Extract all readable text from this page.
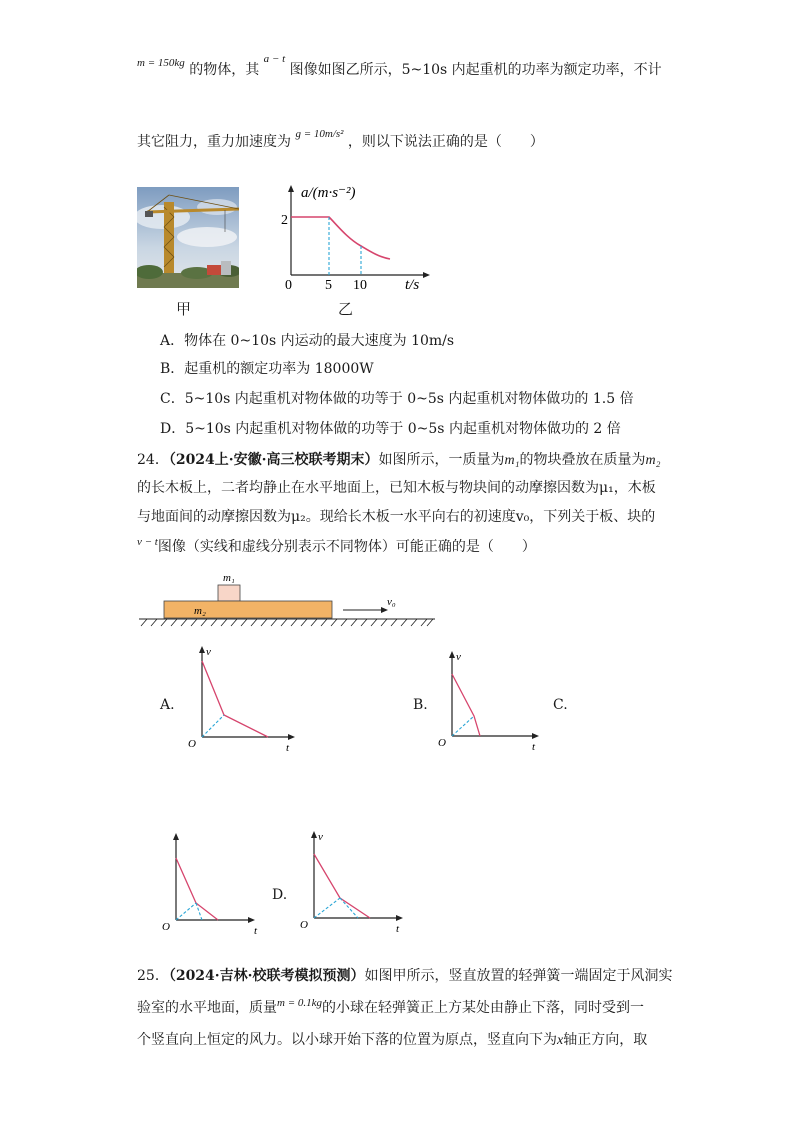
$^{m = 150kg}$ 的物体，其 $^{a - t}$ 图像如图乙所示，5~10s 内起重机的功率为额定功率，不计
其它阻力，重力加速度为 $^{g = 10m/s^2}$ ，则以下说法正确的是（　　）
甲
a/(m·s⁻²)
2
0 5 10	t/s
乙
A．物体在 0~10s 内运动的最大速度为 10m/s
B．起重机的额定功率为 18000W
C．5~10s 内起重机对物体做的功等于 0~5s 内起重机对物体做功的 1.5 倍
D．5~10s 内起重机对物体做的功等于 0~5s 内起重机对物体做功的 2 倍
24．（2024上·安徽·高三校联考期末）如图所示，一质量为m₁的物块叠放在质量为m₂
的长木板上，二者均静止在水平地面上，已知木板与物块间的动摩擦因数为μ₁，木板
与地面间的动摩擦因数为μ₂。现给长木板一水平向右的初速度v₀，下列关于板、块的
$^{v - t}$图像（实线和虚线分别表示不同物体）可能正确的是（　　）
m₁
m₂
v₀
A.
v
t
O
B.
v
t
O
C.
t
O
D.
v
t
O
25．（2024·吉林·校联考模拟预测）如图甲所示，竖直放置的轻弹簧一端固定于风洞实
验室的水平地面，质量$^{m = 0.1kg}$的小球在轻弹簧正上方某处由静止下落，同时受到一
个竖直向上恒定的风力。以小球开始下落的位置为原点，竖直向下为x轴正方向，取
